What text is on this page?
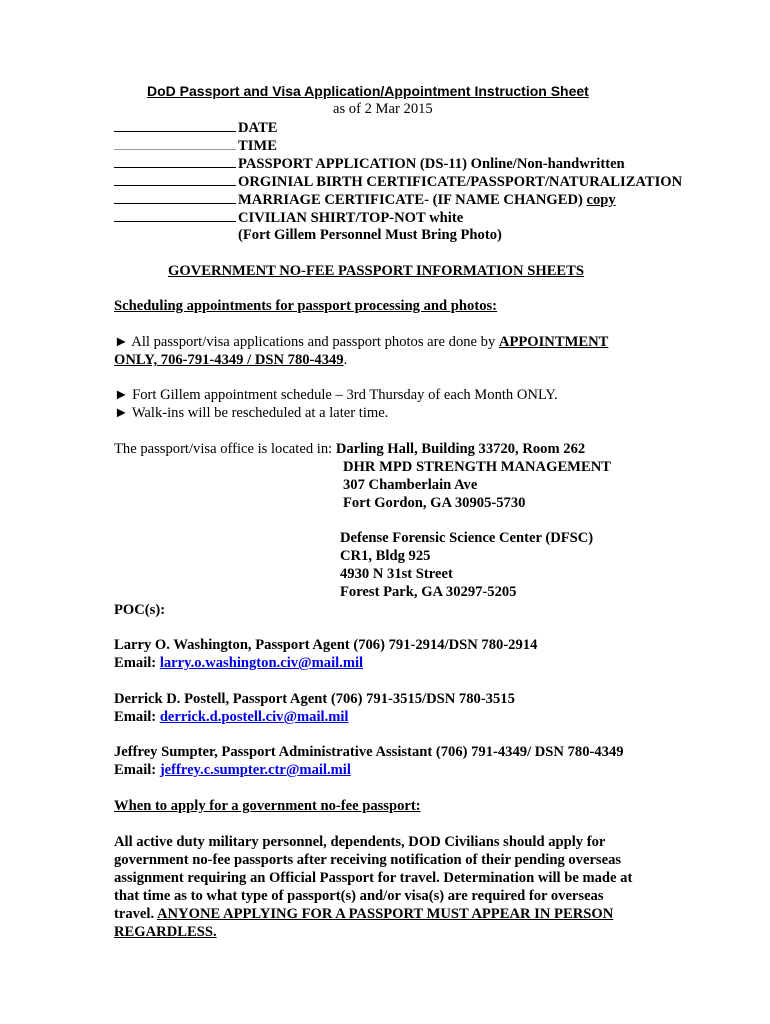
DoD Passport and Visa Application/Appointment Instruction Sheet
as of 2 Mar 2015
DATE
TIME
PASSPORT APPLICATION (DS-11) Online/Non-handwritten
ORGINIAL BIRTH CERTIFICATE/PASSPORT/NATURALIZATION
MARRIAGE CERTIFICATE- (IF NAME CHANGED) copy
CIVILIAN SHIRT/TOP-NOT white
(Fort Gillem Personnel Must Bring Photo)
GOVERNMENT NO-FEE PASSPORT INFORMATION SHEETS
Scheduling appointments for passport processing and photos:
► All passport/visa applications and passport photos are done by APPOINTMENT
ONLY, 706-791-4349 / DSN 780-4349.
► Fort Gillem appointment schedule – 3rd Thursday of each Month ONLY.
► Walk-ins will be rescheduled at a later time.
The passport/visa office is located in: Darling Hall, Building 33720, Room 262
DHR MPD STRENGTH MANAGEMENT
307 Chamberlain Ave
Fort Gordon, GA 30905-5730
Defense Forensic Science Center (DFSC)
CR1, Bldg 925
4930 N 31st Street
Forest Park, GA 30297-5205
POC(s):
Larry O. Washington, Passport Agent (706) 791-2914/DSN 780-2914
Email: larry.o.washington.civ@mail.mil
Derrick D. Postell, Passport Agent (706) 791-3515/DSN 780-3515
Email: derrick.d.postell.civ@mail.mil
Jeffrey Sumpter, Passport Administrative Assistant (706) 791-4349/ DSN 780-4349
Email: jeffrey.c.sumpter.ctr@mail.mil
When to apply for a government no-fee passport:
All active duty military personnel, dependents, DOD Civilians should apply for
government no-fee passports after receiving notification of their pending overseas
assignment requiring an Official Passport for travel. Determination will be made at
that time as to what type of passport(s) and/or visa(s) are required for overseas
travel. ANYONE APPLYING FOR A PASSPORT MUST APPEAR IN PERSON
REGARDLESS.
